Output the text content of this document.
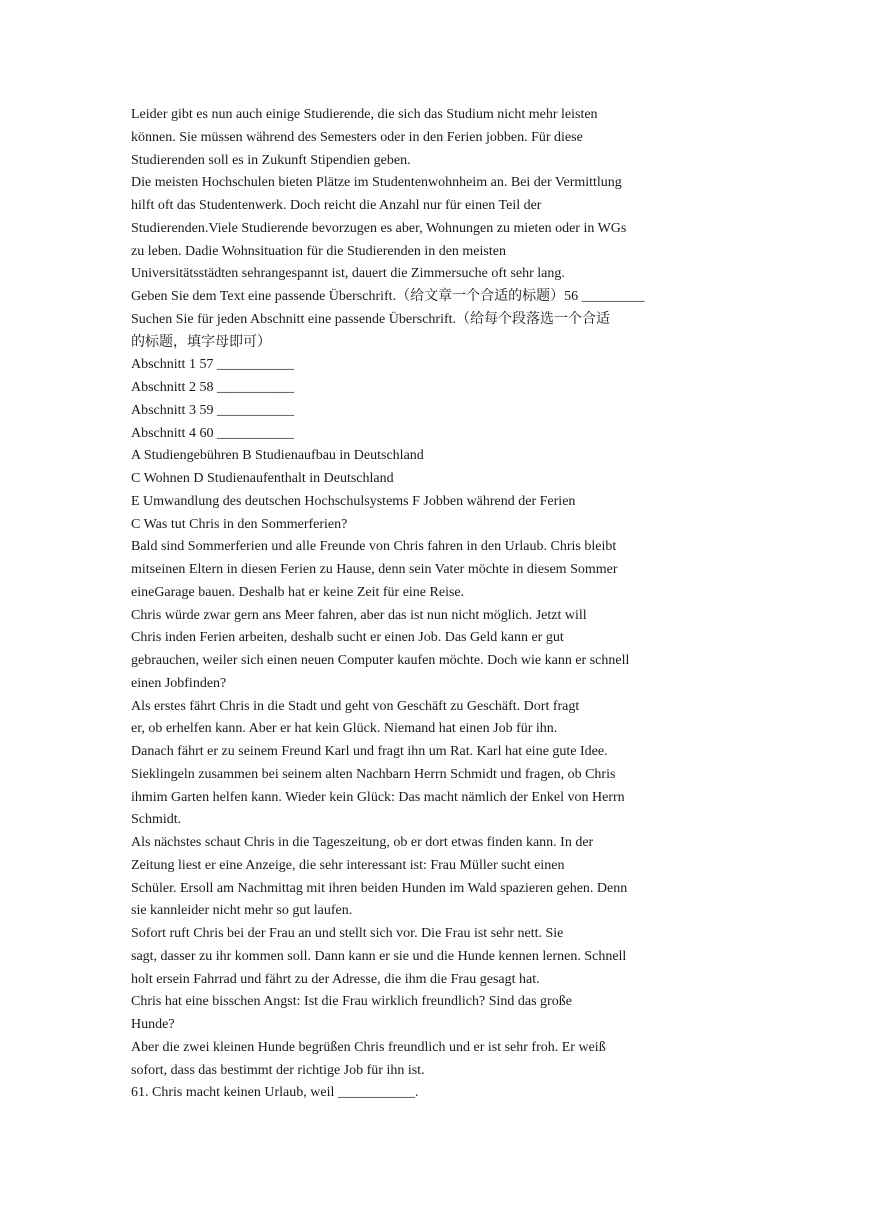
Leider gibt es nun auch einige Studierende, die sich das Studium nicht mehr leisten
können. Sie müssen während des Semesters oder in den Ferien jobben. Für diese
Studierenden soll es in Zukunft Stipendien geben.
Die meisten Hochschulen bieten Plätze im Studentenwohnheim an. Bei der Vermittlung
hilft oft das Studentenwerk. Doch reicht die Anzahl nur für einen Teil der
Studierenden.Viele Studierende bevorzugen es aber, Wohnungen zu mieten oder in WGs
zu leben. Dadie Wohnsituation für die Studierenden in den meisten
Universitätsstädten sehrangespannt ist, dauert die Zimmersuche oft sehr lang.
Geben Sie dem Text eine passende Überschrift.（给文章一个合适的标题）56 _________
Suchen Sie für jeden Abschnitt eine passende Überschrift.（给每个段落选一个合适
的标题，填字母即可）
Abschnitt 1 57 ___________
Abschnitt 2 58 ___________
Abschnitt 3 59 ___________
Abschnitt 4 60 ___________
A Studiengebühren B Studienaufbau in Deutschland
C Wohnen D Studienaufenthalt in Deutschland
E Umwandlung des deutschen Hochschulsystems F Jobben während der Ferien
C Was tut Chris in den Sommerferien?
Bald sind Sommerferien und alle Freunde von Chris fahren in den Urlaub. Chris bleibt
mitseinen Eltern in diesen Ferien zu Hause, denn sein Vater möchte in diesem Sommer
eineGarage bauen. Deshalb hat er keine Zeit für eine Reise.
Chris würde zwar gern ans Meer fahren, aber das ist nun nicht möglich. Jetzt will
Chris inden Ferien arbeiten, deshalb sucht er einen Job. Das Geld kann er gut
gebrauchen, weiler sich einen neuen Computer kaufen möchte. Doch wie kann er schnell
einen Jobfinden?
Als erstes fährt Chris in die Stadt und geht von Geschäft zu Geschäft. Dort fragt
er, ob erhelfen kann. Aber er hat kein Glück. Niemand hat einen Job für ihn.
Danach fährt er zu seinem Freund Karl und fragt ihn um Rat. Karl hat eine gute Idee.
Sieklingeln zusammen bei seinem alten Nachbarn Herrn Schmidt und fragen, ob Chris
ihmim Garten helfen kann. Wieder kein Glück: Das macht nämlich der Enkel von Herrn
Schmidt.
Als nächstes schaut Chris in die Tageszeitung, ob er dort etwas finden kann. In der
Zeitung liest er eine Anzeige, die sehr interessant ist: Frau Müller sucht einen
Schüler. Ersoll am Nachmittag mit ihren beiden Hunden im Wald spazieren gehen. Denn
sie kannleider nicht mehr so gut laufen.
Sofort ruft Chris bei der Frau an und stellt sich vor. Die Frau ist sehr nett. Sie
sagt, dasser zu ihr kommen soll. Dann kann er sie und die Hunde kennen lernen. Schnell
holt ersein Fahrrad und fährt zu der Adresse, die ihm die Frau gesagt hat.
Chris hat eine bisschen Angst: Ist die Frau wirklich freundlich? Sind das große
Hunde?
Aber die zwei kleinen Hunde begrüßen Chris freundlich und er ist sehr froh. Er weiß
sofort, dass das bestimmt der richtige Job für ihn ist.
61. Chris macht keinen Urlaub, weil ___________.
